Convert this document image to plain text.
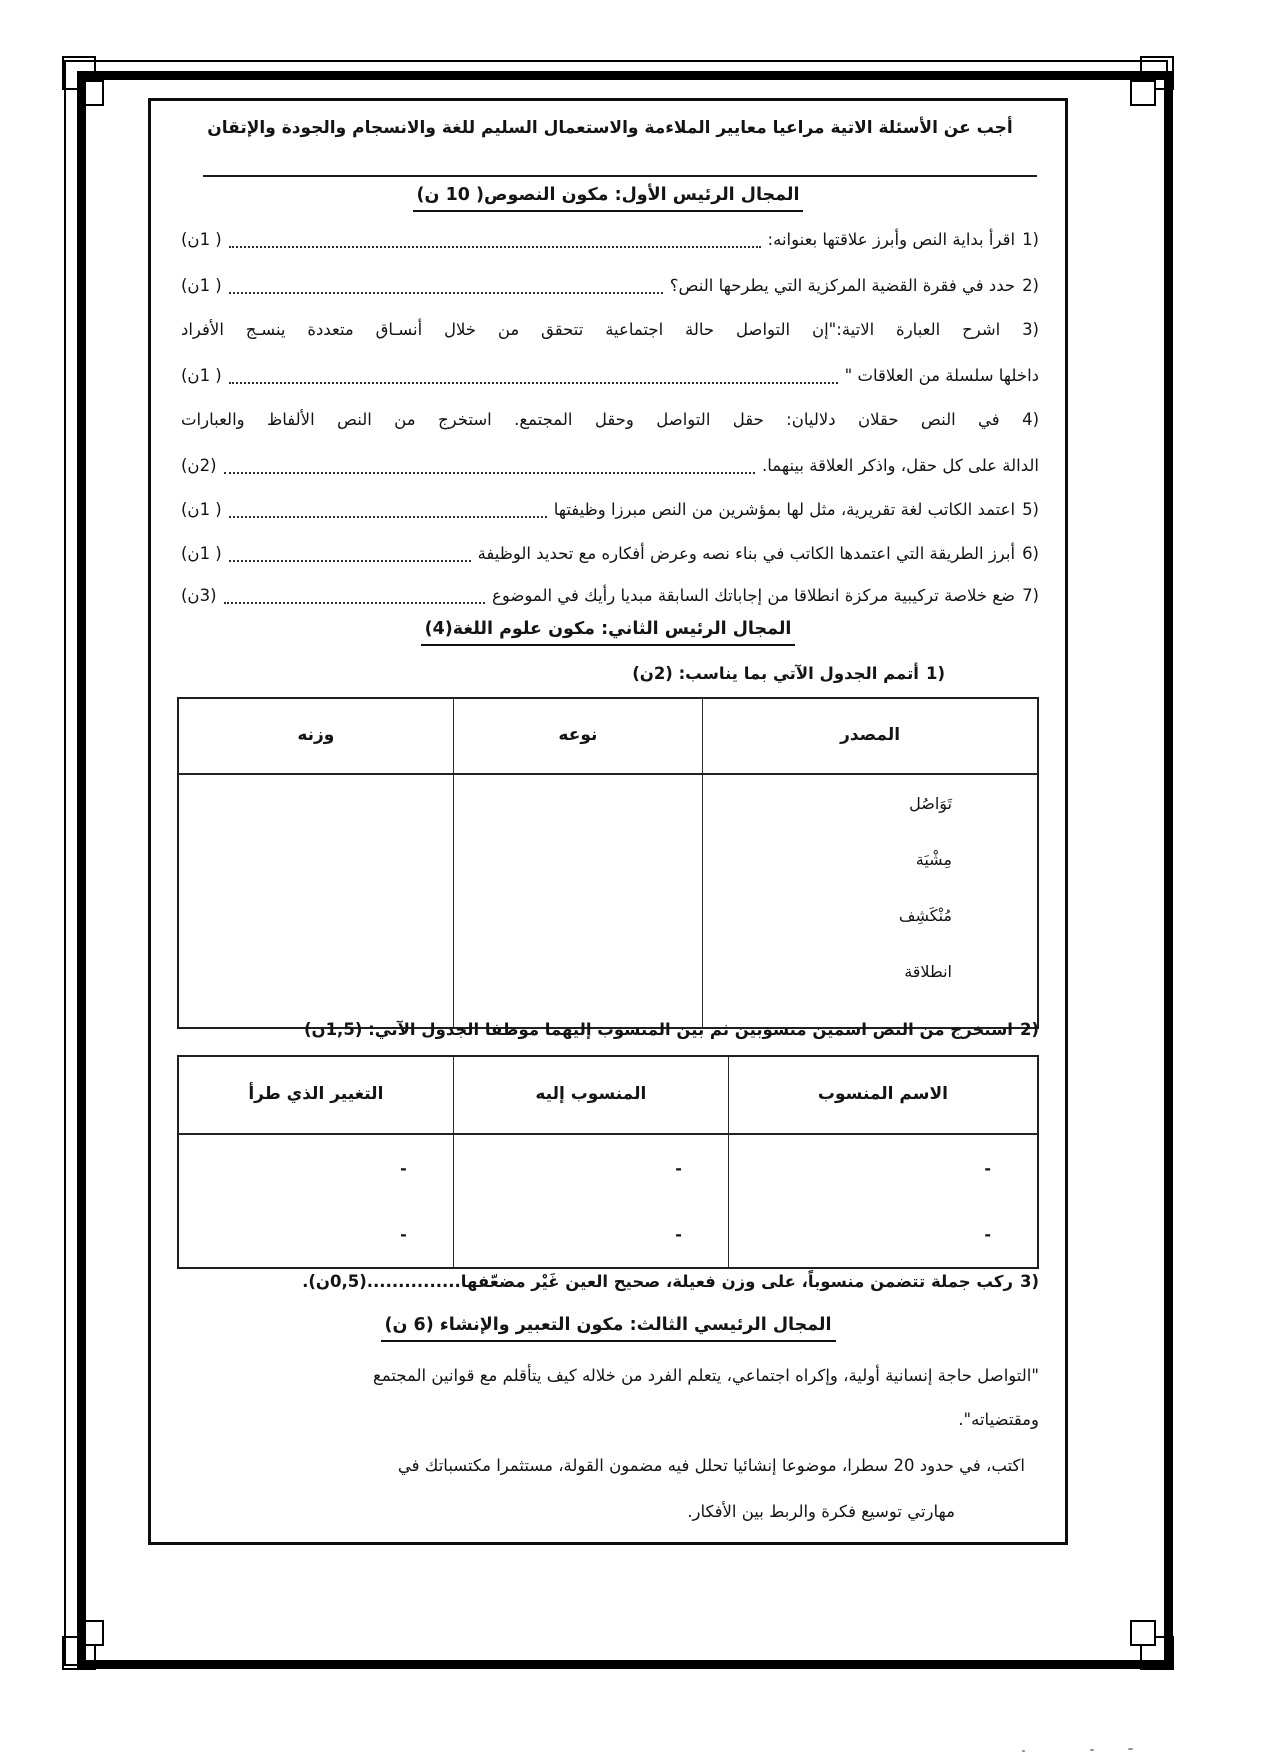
أجب عن الأسئلة الاتية مراعيا معايير الملاءمة والاستعمال السليم للغة والانسجام والجودة والإتقان
المجال الرئيس الأول: مكون النصوص( 10 ن)
1)
اقرأ بداية النص وأبرز علاقتها بعنوانه:
( 1ن)
2)
حدد في فقرة القضية المركزية التي يطرحها النص؟
( 1ن)
3) اشرح العبارة الاتية:"إن التواصل حالة اجتماعية تتحقق من خلال أنسـاق متعددة ينسـج الأفراد
داخلها سلسلة من العلاقات "
( 1ن)
4) في النص حقلان دلاليان: حقل التواصل وحقل المجتمع. استخرج من النص الألفاظ والعبارات
الدالة على كل حقل، واذكر العلاقة بينهما.
(2ن)
5)
اعتمد الكاتب لغة تقريرية، مثل لها بمؤشرين من النص مبرزا وظيفتها
( 1ن)
6)
أبرز الطريقة التي اعتمدها الكاتب في بناء نصه وعرض أفكاره مع تحديد الوظيفة
( 1ن)
7)
ضع خلاصة تركيبية مركزة انطلاقا من إجاباتك السابقة مبديا رأيك في الموضوع
(3ن)
المجال الرئيس الثاني: مكون علوم اللغة(4)
1)
أتمم الجدول الآتي بما يناسب: (2ن)
المصدر	نوعه	وزنه
تَوَاصُل		
مِشْيَة		
مُنْكَشِف		
انطلاقة		

2)
استخرج من النص اسمين منسوبين ثم بين المنسوب إليهما موظفا الجدول الآتي: (1,5ن)
الاسم المنسوب	المنسوب إليه	التغيير الذي طرأ
-	-	-
-	-	-
3)
ركب جملة تتضمن منسوباً، على وزن فعيلة، صحيح العين غَيْر مضعّفها...............(0,5ن).
المجال الرئيسي الثالث: مكون التعبير والإنشاء (6 ن)
"التواصل حاجة إنسانية أولية، وإكراه اجتماعي، يتعلم الفرد من خلاله كيف يتأقلم مع قوانين المجتمع
ومقتضياته".
اكتب، في حدود 20 سطرا، موضوعا إنشائيا تحلل فيه مضمون القولة، مستثمرا مكتسباتك في
مهارتي توسيع فكرة والربط بين الأفكار.
